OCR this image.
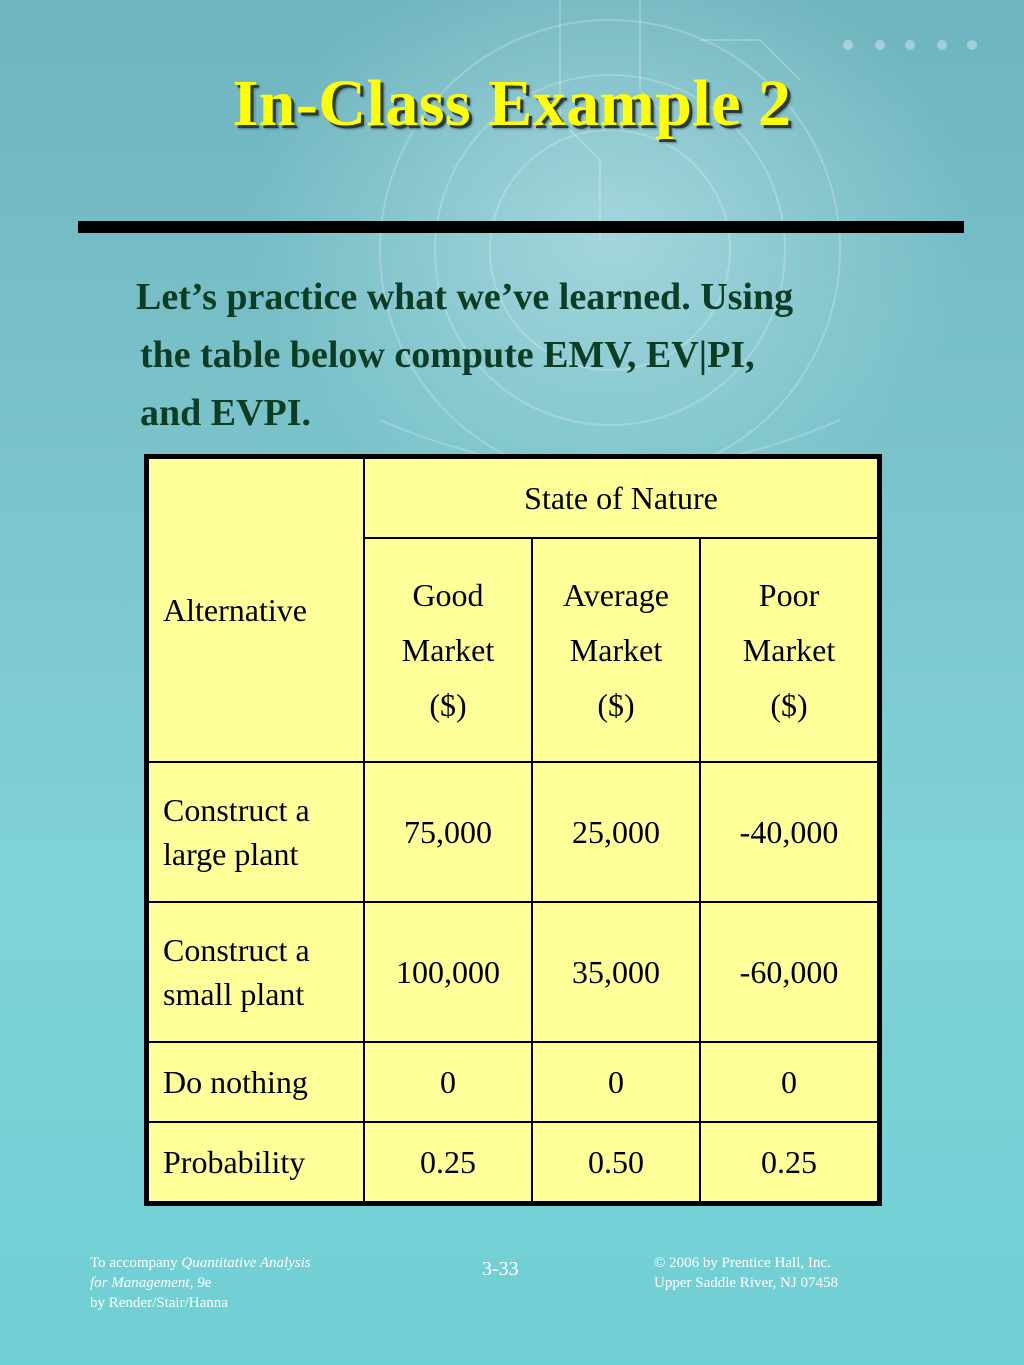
In-Class Example 2
Let’s practice what we’ve learned. Using
the table below compute EMV, EV|PI,
and EVPI.
Alternative	State of Nature		
	Good
Market
($)	Average
Market
($)	Poor
Market
($)
Construct a
large plant	75,000	25,000	-40,000
Construct a
small plant	100,000	35,000	-60,000
Do nothing	0	0	0
Probability	0.25	0.50	0.25
To accompany Quantitative Analysis
for Management, 9e
by Render/Stair/Hanna
3-33	© 2006 by Prentice Hall, Inc.
Upper Saddle River, NJ 07458
